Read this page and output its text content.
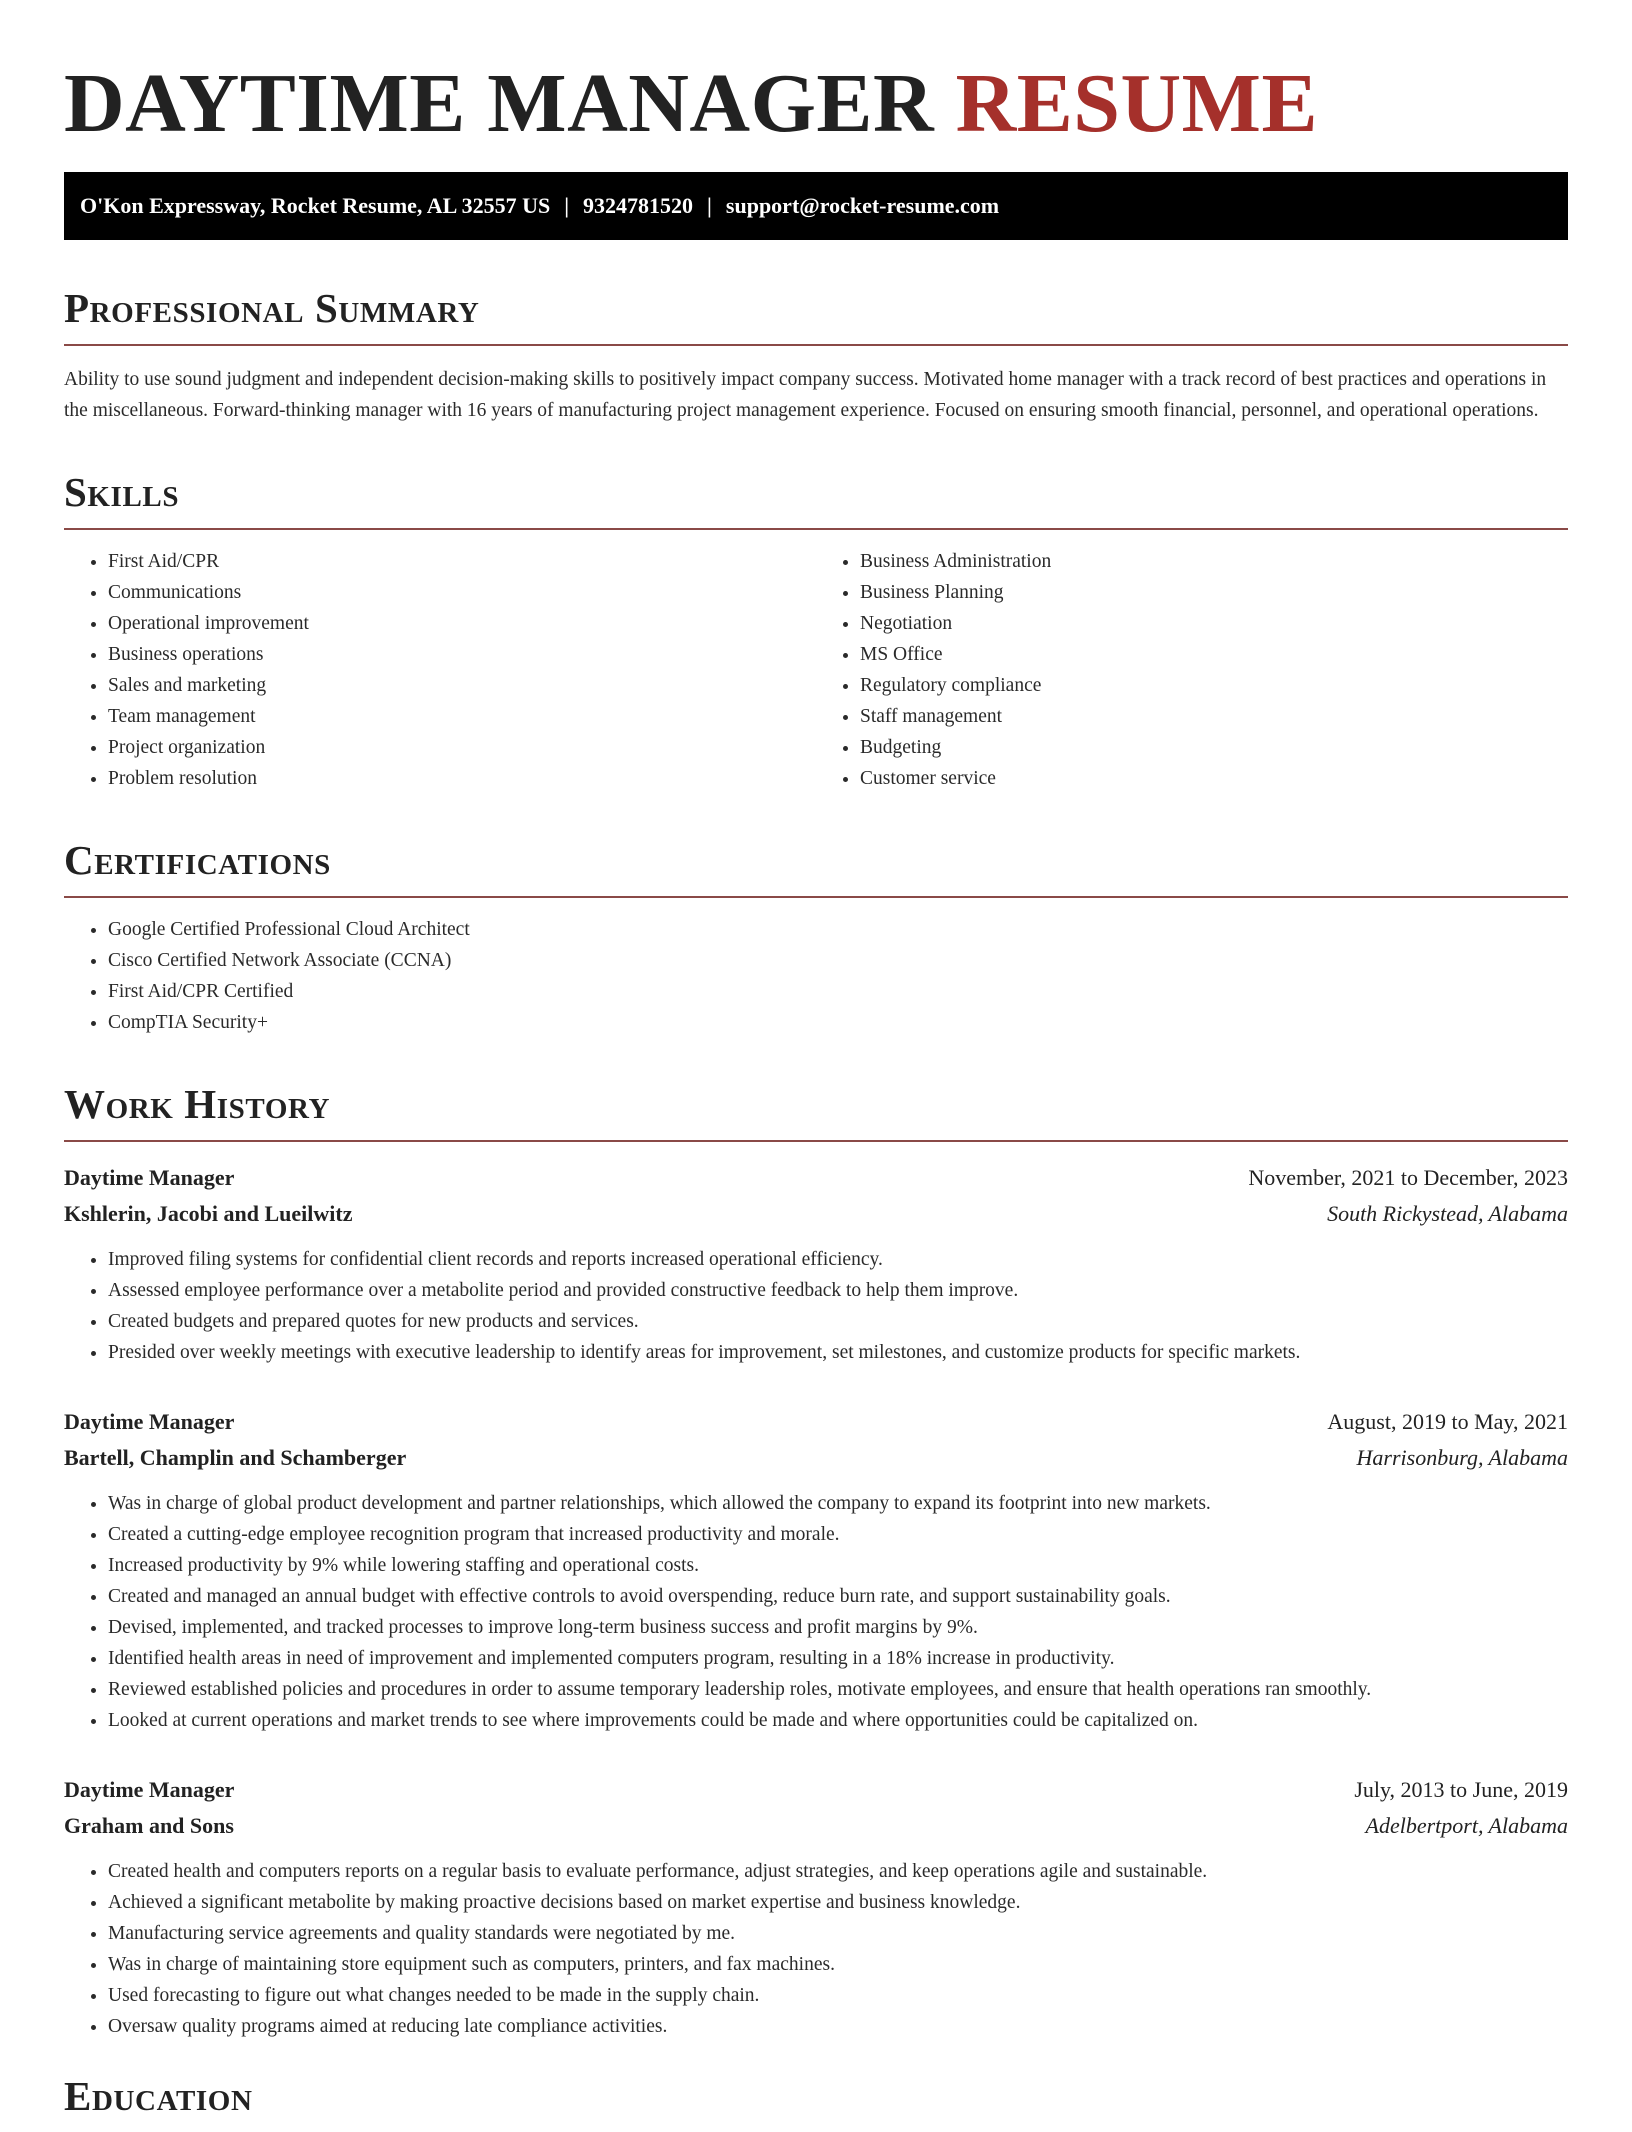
DAYTIME MANAGER RESUME
O'Kon Expressway, Rocket Resume, AL 32557 US | 9324781520 | support@rocket-resume.com
Professional Summary

Ability to use sound judgment and independent decision-making skills to positively impact company success. Motivated home manager with a track record of best practices and operations in the miscellaneous. Forward-thinking manager with 16 years of manufacturing project management experience. Focused on ensuring smooth financial, personnel, and operational operations.

Skills
• First Aid/CPR
• Communications
• Operational improvement
• Business operations
• Sales and marketing
• Team management
• Project organization
• Problem resolution
• Business Administration
• Business Planning
• Negotiation
• MS Office
• Regulatory compliance
• Staff management
• Budgeting
• Customer service
Certifications
• Google Certified Professional Cloud Architect
• Cisco Certified Network Associate (CCNA)
• First Aid/CPR Certified
• CompTIA Security+
Work History
Daytime Manager	November, 2021 to December, 2023
Kshlerin, Jacobi and Lueilwitz	South Rickystead, Alabama
• Improved filing systems for confidential client records and reports increased operational efficiency.
• Assessed employee performance over a metabolite period and provided constructive feedback to help them improve.
• Created budgets and prepared quotes for new products and services.
• Presided over weekly meetings with executive leadership to identify areas for improvement, set milestones, and customize products for specific markets.
Daytime Manager	August, 2019 to May, 2021
Bartell, Champlin and Schamberger	Harrisonburg, Alabama
• Was in charge of global product development and partner relationships, which allowed the company to expand its footprint into new markets.
• Created a cutting-edge employee recognition program that increased productivity and morale.
• Increased productivity by 9% while lowering staffing and operational costs.
• Created and managed an annual budget with effective controls to avoid overspending, reduce burn rate, and support sustainability goals.
• Devised, implemented, and tracked processes to improve long-term business success and profit margins by 9%.
• Identified health areas in need of improvement and implemented computers program, resulting in a 18% increase in productivity.
• Reviewed established policies and procedures in order to assume temporary leadership roles, motivate employees, and ensure that health operations ran smoothly.
• Looked at current operations and market trends to see where improvements could be made and where opportunities could be capitalized on.
Daytime Manager	July, 2013 to June, 2019
Graham and Sons	Adelbertport, Alabama
• Created health and computers reports on a regular basis to evaluate performance, adjust strategies, and keep operations agile and sustainable.
• Achieved a significant metabolite by making proactive decisions based on market expertise and business knowledge.
• Manufacturing service agreements and quality standards were negotiated by me.
• Was in charge of maintaining store equipment such as computers, printers, and fax machines.
• Used forecasting to figure out what changes needed to be made in the supply chain.
• Oversaw quality programs aimed at reducing late compliance activities.
Education
